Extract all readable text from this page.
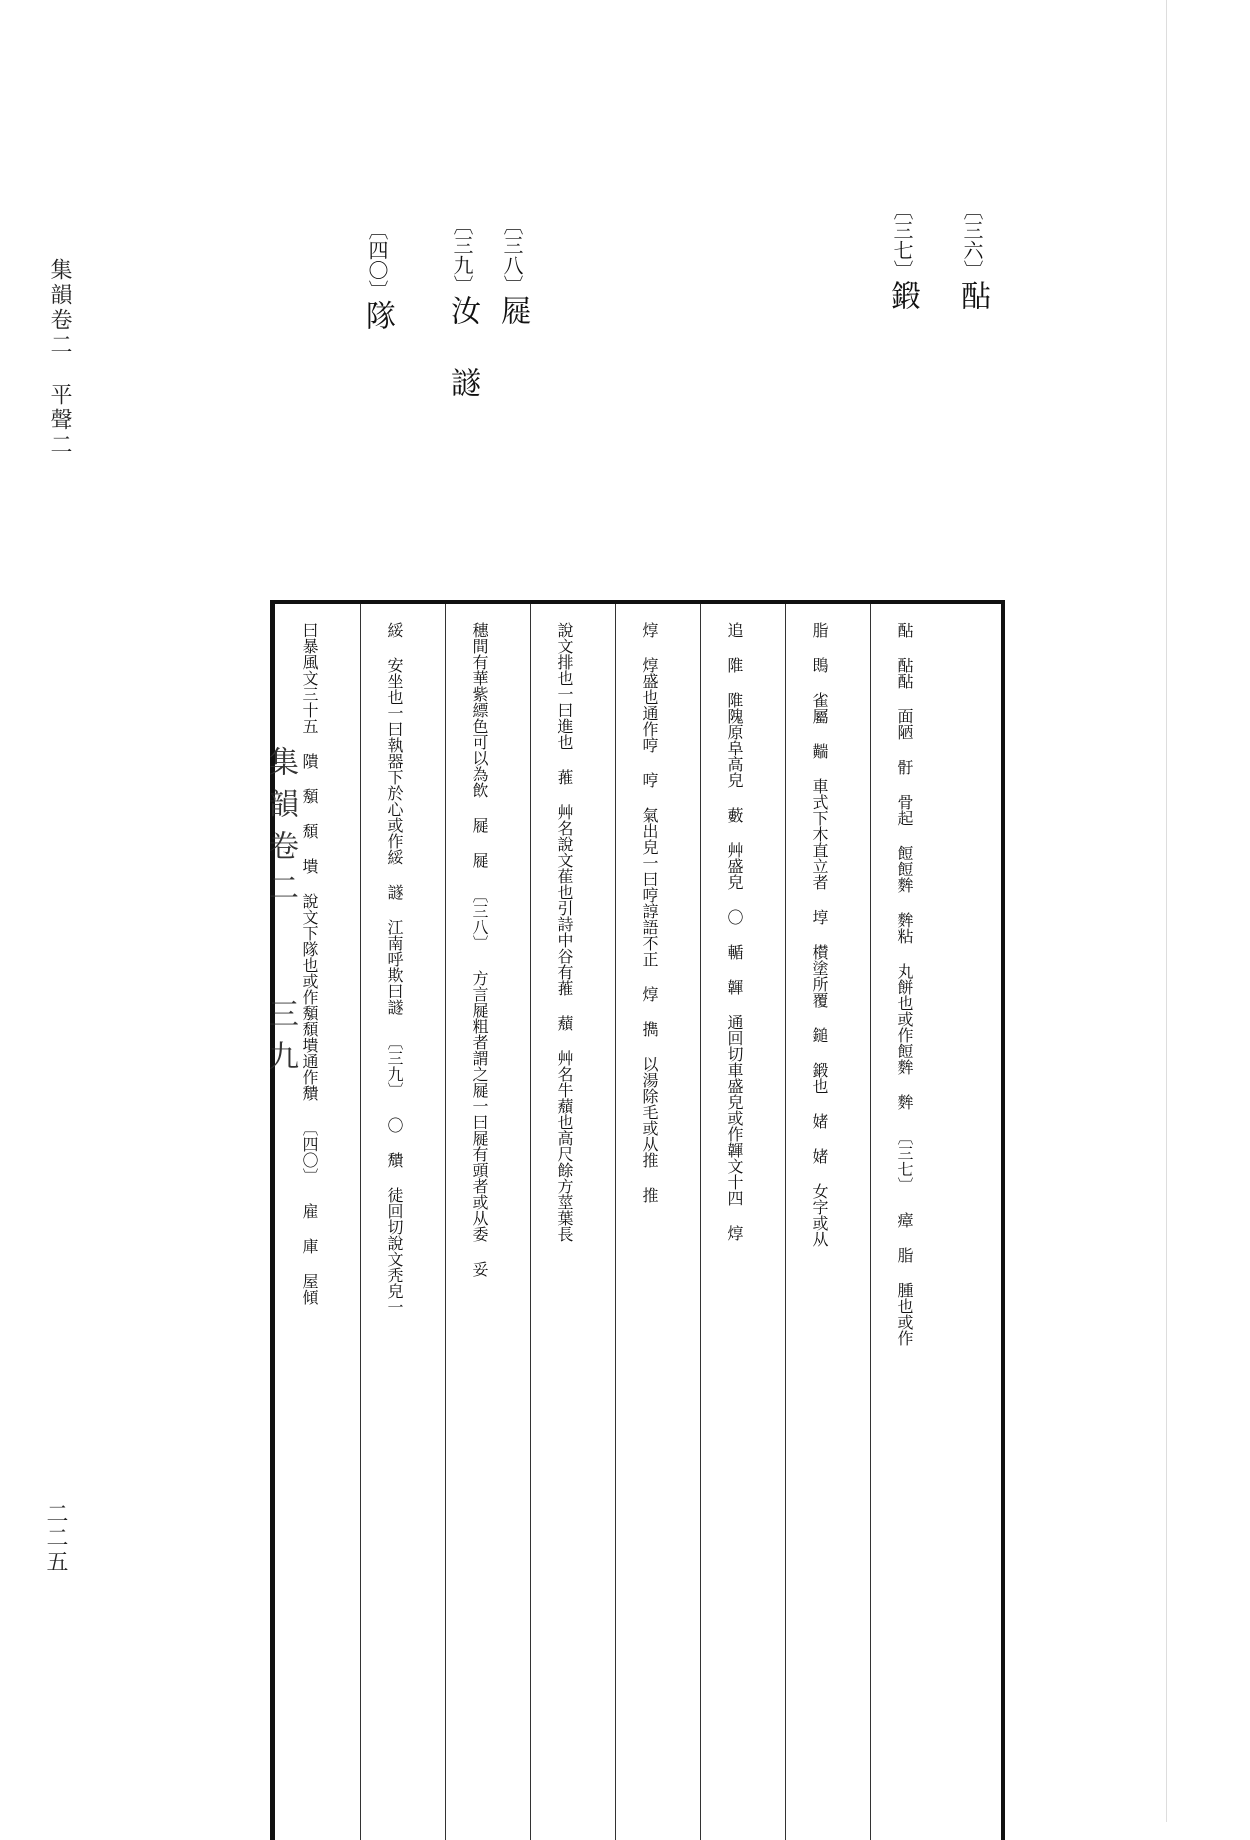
集韻卷二　平聲二
二二五
〔三六〕酟
〔三七〕鍛
〔三八〕屣
〔三九〕汝　譢
〔四〇〕隊
酟 酟酟 面陋 骬 骨起 餖餖麰 麰粘 丸餅也或作餖麰 麰 〔三七〕 瘴 脂 腫也或作
脂 鵖 雀屬 䵎 車式下木直立者 埻 櫕塗所覆 鎚 鍛也 媎 媎 女字或从
追 陮 陮隗原阜高皃 藪 艸盛皃 〇 輴 韗 通回切車盛皃或作韗文十四 焞
焞 焞盛也通作哼 哼 氣出皃一曰哼諄語不正 焞 擕 以湯除毛或从推 推
說文排也一曰進也 蓷 艸名說文萑也引詩中谷有蓷 蘈 艸名牛蘈也高尺餘方莖葉長
穗間有華紫縹色可以為飲 屣 屣 〔三八〕 方言屣粗者謂之屣一曰屣有頭者或从委 妥
綏 安坐也一曰執器下於心或作綏 譢 江南呼欺曰譢 〔三九〕 〇 穨 徒回切說文秃皃一
曰暴風文三十五 隤 頺 頹 墤 說文下隊也或作頺頹墤通作穨 〔四〇〕 雇 庫 屋傾
集韻卷二　　三九
